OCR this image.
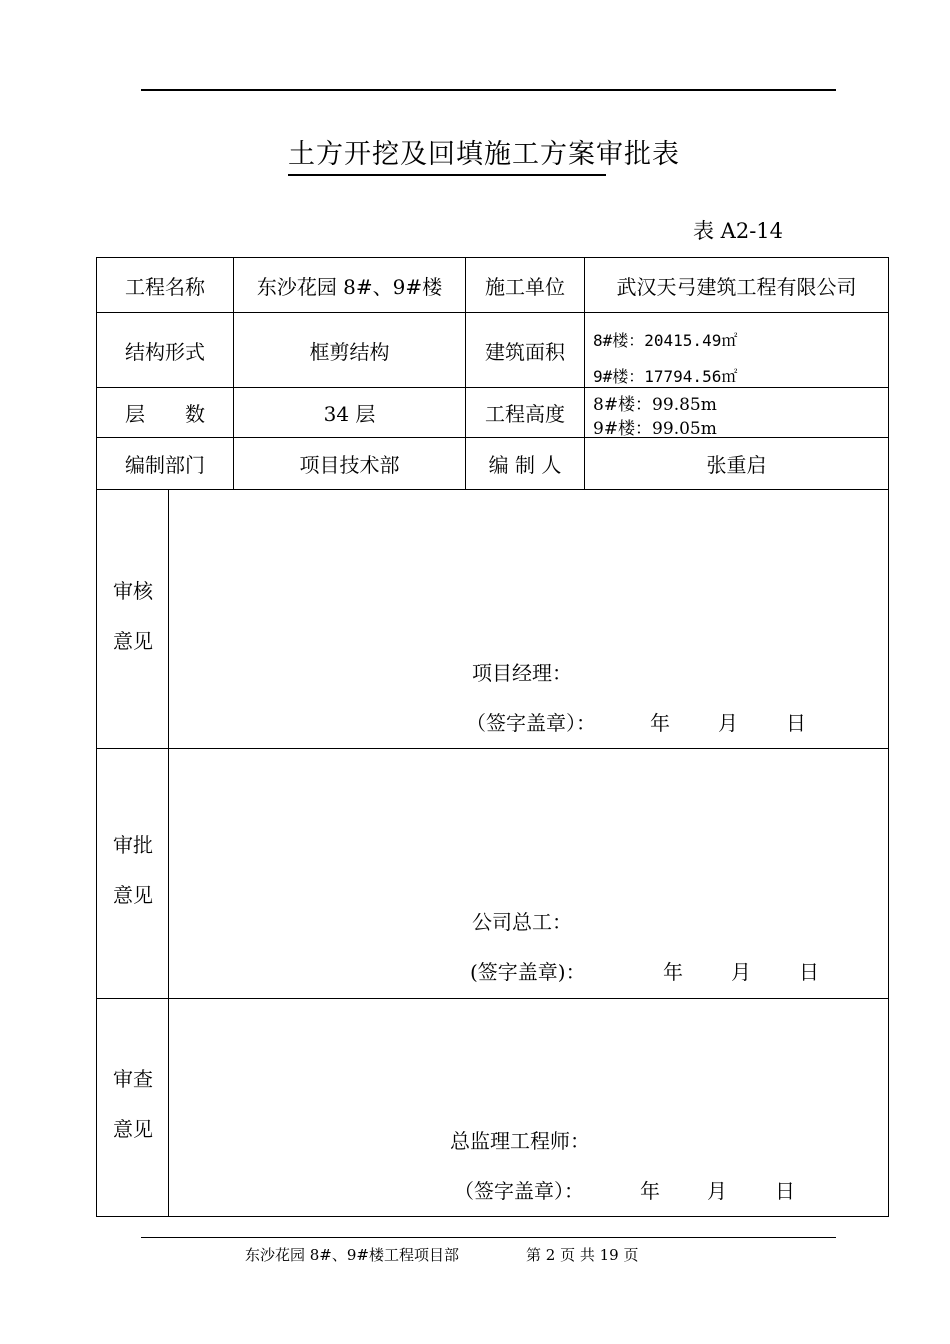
土方开挖及回填施工方案审批表
表 A2-14
工程名称	东沙花园 8#、9#楼	施工单位	武汉天弓建筑工程有限公司
结构形式	框剪结构	建筑面积	8#楼：20415.49㎡
9#楼：17794.56㎡
层　　数	34 层	工程高度	8#楼：99.85m
9#楼：99.05m
编制部门	项目技术部	编 制 人	张重启
审核
意见
项目经理：
（签字盖章）：	年 月 日
审批
意见
公司总工：
(签字盖章)：	年 月 日
审查
意见	总监理工程师：
（签字盖章）：	年 月 日
东沙花园 8#、9#楼工程项目部	第 2 页 共 19 页
